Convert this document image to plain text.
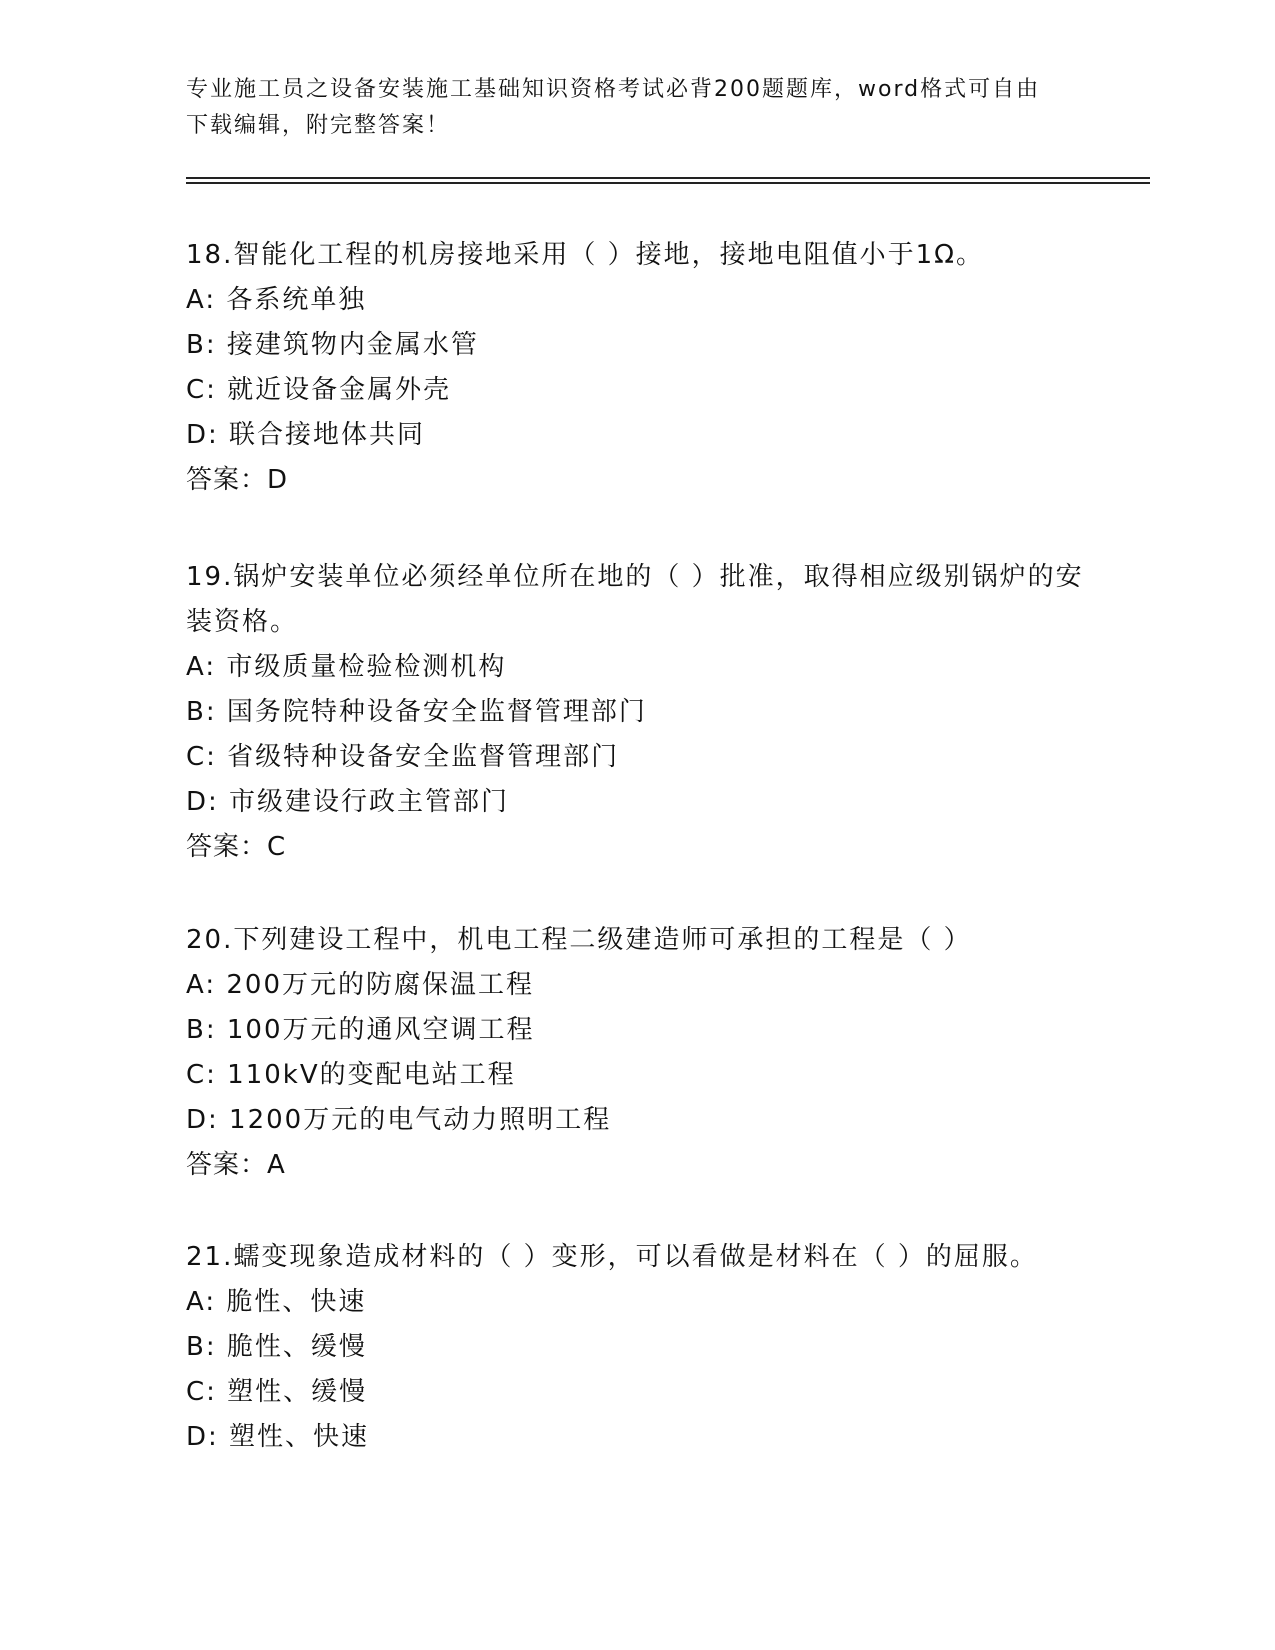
专业施工员之设备安装施工基础知识资格考试必背200题题库，word格式可自由
下载编辑，附完整答案！

18.智能化工程的机房接地采用（ ）接地，接地电阻值小于1Ω。

A: 各系统单独

B: 接建筑物内金属水管

C: 就近设备金属外壳

D: 联合接地体共同

答案：D

19.锅炉安装单位必须经单位所在地的（ ）批准，取得相应级别锅炉的安装资格。

A: 市级质量检验检测机构

B: 国务院特种设备安全监督管理部门

C: 省级特种设备安全监督管理部门

D: 市级建设行政主管部门

答案：C

20.下列建设工程中，机电工程二级建造师可承担的工程是（ ）

A: 200万元的防腐保温工程

B: 100万元的通风空调工程

C: 110kV的变配电站工程

D: 1200万元的电气动力照明工程

答案：A

21.蠕变现象造成材料的（ ）变形，可以看做是材料在（ ）的屈服。

A: 脆性、快速

B: 脆性、缓慢

C: 塑性、缓慢

D: 塑性、快速
